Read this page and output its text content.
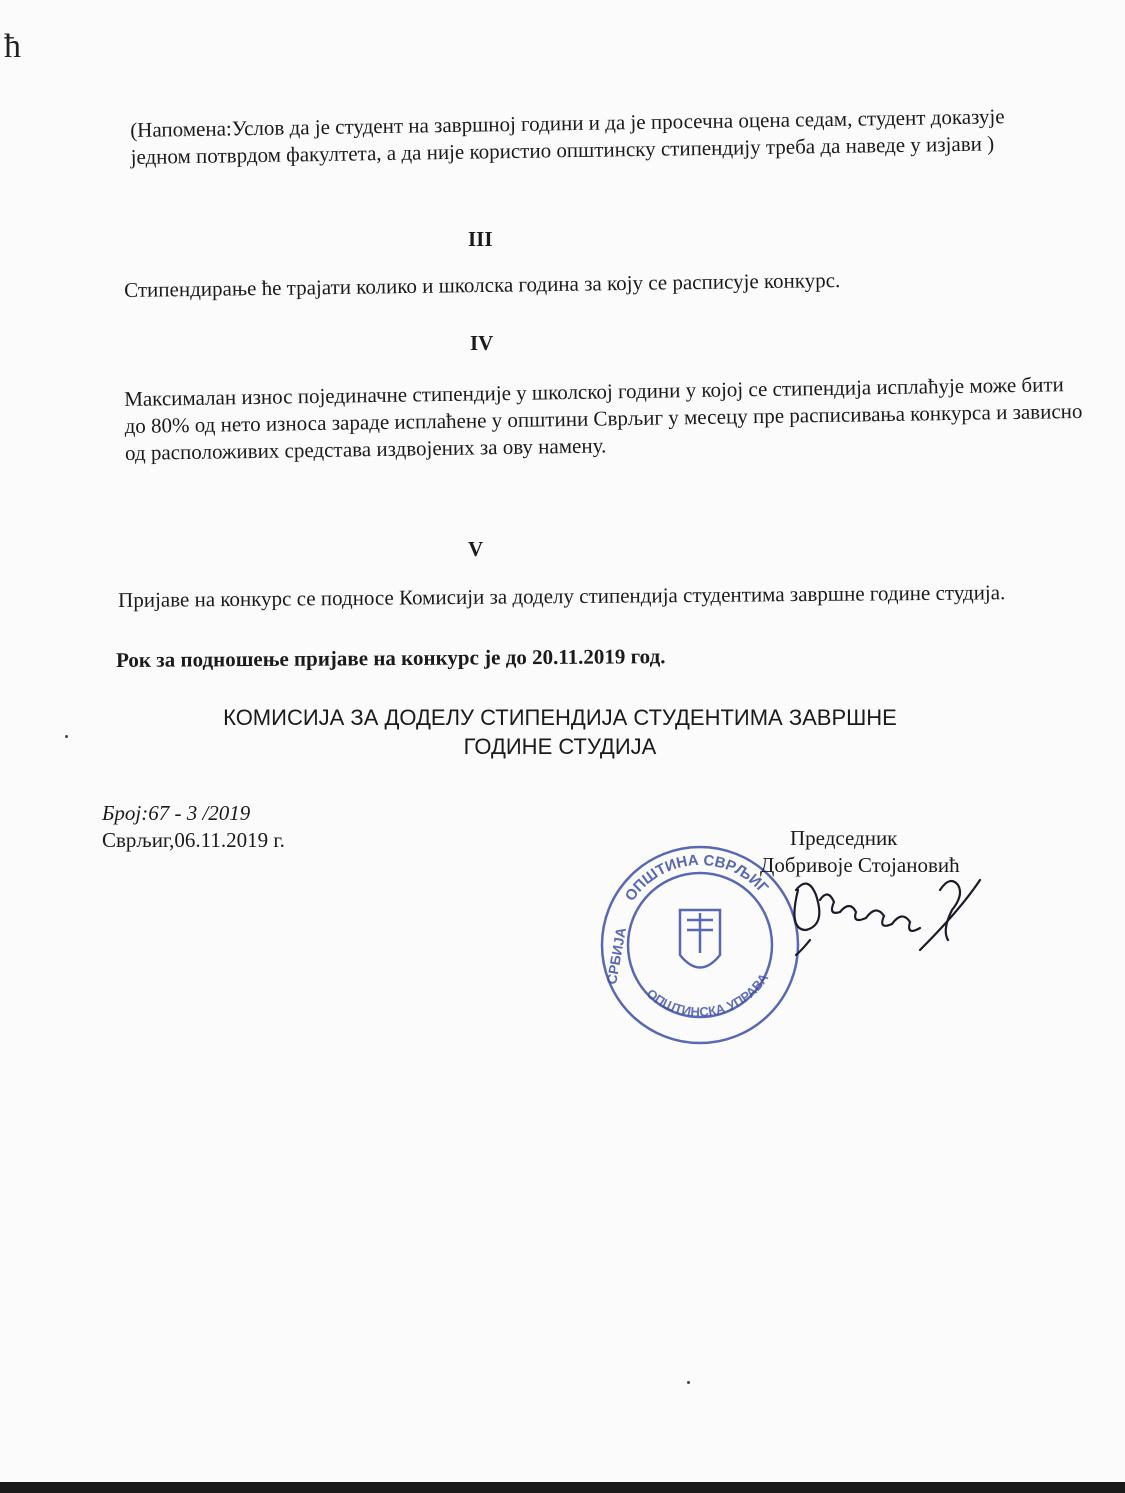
ħ
(Напомена:Услов да је студент на завршној години и да је просечна оцена седам, студент доказује једном потврдом факултета, а да није користио општинску стипендију треба да наведе у изјави )
III
Стипендирање ће трајати колико и школска година за коју се расписује конкурс.
IV
Максималан износ појединачне стипендије у школској години у којој се стипендија исплаћује може бити до 80% од нето износа зараде исплаћене у општини Сврљиг у месецу пре расписивања конкурса и зависно од расположивих средстава издвојених за ову намену.
V
Пријаве на конкурс се подносе Комисији за доделу стипендија студентима завршне године студија.
Рок за подношење пријаве на конкурс је до 20.11.2019 год.
КОМИСИЈА ЗА ДОДЕЛУ СТИПЕНДИЈА СТУДЕНТИМА ЗАВРШНЕ
ГОДИНЕ СТУДИЈА
Број:67 - 3 /2019
Сврљиг,06.11.2019 г.
ОПШТИНА СВРЉИГ
ОПШТИНСКА УПРАВА
СРБИЈА
Председник
Добривоје Стојановић
